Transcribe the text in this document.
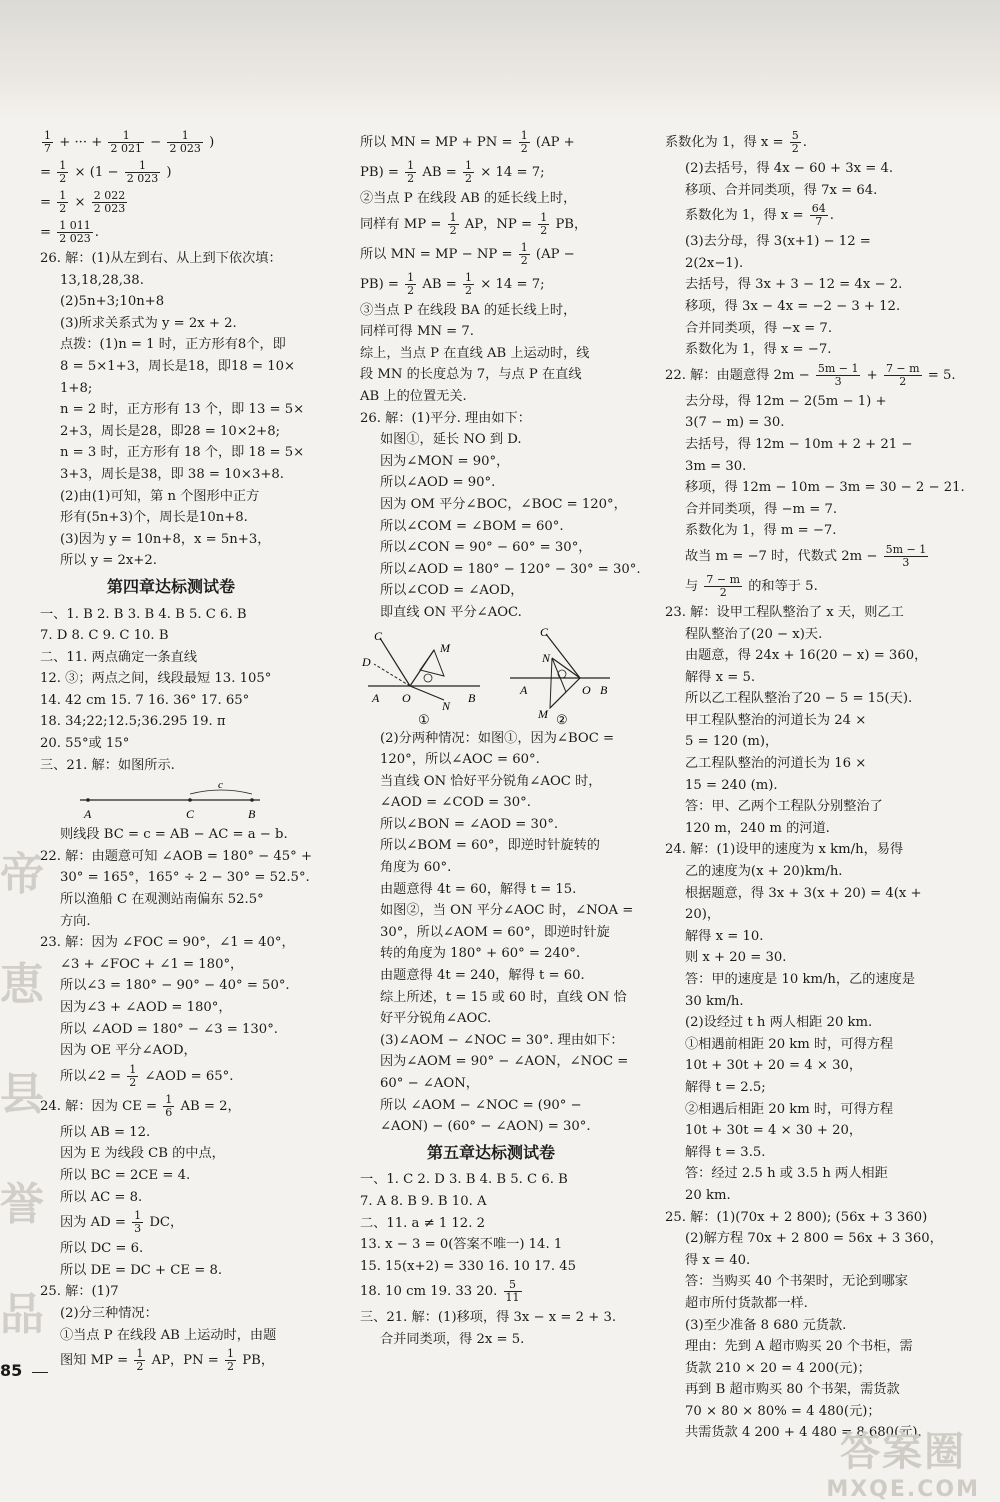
帝
恵
县
誉
品
$\frac{1}{7}$ + ··· + $\frac{1}{2 021} - \frac{1}{2 023}$ )
= $\frac{1}{2} \times (1 - \frac{1}{2 023}$ )
= $\frac{1}{2} \times \frac{2 022}{2 023}$
= $\frac{1 011}{2 023}$ .
26. 解：(1)从左到右、从上到下依次填：
13,18,28,38.
(2)5n+3;10n+8
(3)所求关系式为 y = 2x + 2.
点拨：(1)n = 1 时，正方形有8个，即
8 = 5×1+3，周长是18，即18 = 10×
1+8;
n = 2 时，正方形有 13 个，即 13 = 5×
2+3，周长是28，即28 = 10×2+8;
n = 3 时，正方形有 18 个，即 18 = 5×
3+3，周长是38，即 38 = 10×3+8.
(2)由(1)可知，第 n 个图形中正方
形有(5n+3)个，周长是10n+8.
(3)因为 y = 10n+8，x = 5n+3，
所以 y = 2x+2.
第四章达标测试卷
一、1. B 2. B 3. B 4. B 5. C 6. B
7. D 8. C 9. C 10. B
二、11. 两点确定一条直线
12. ③；两点之间，线段最短 13. 105°
14. 42 cm 15. 7 16. 36° 17. 65°
18. 34;22;12.5;36.295 19. π
20. 55°或 15°
三、21. 解：如图所示.
A	C	B
c
则线段 BC = c = AB − AC = a − b.
22. 解：由题意可知 ∠AOB = 180° − 45° +
30° = 165°，165° ÷ 2 − 30° = 52.5°.
所以渔船 C 在观测站南偏东 52.5°
方向.
23. 解：因为 ∠FOC = 90°，∠1 = 40°，
∠3 + ∠FOC + ∠1 = 180°，
所以∠3 = 180° − 90° − 40° = 50°.
因为∠3 + ∠AOD = 180°，
所以 ∠AOD = 180° − ∠3 = 130°.
因为 OE 平分∠AOD，
所以∠2 = $\frac{1}{2}$ ∠AOD = 65°.
24. 解：因为 CE = $\frac{1}{6}$ AB = 2，
所以 AB = 12.
因为 E 为线段 CB 的中点，
所以 BC = 2CE = 4.
所以 AC = 8.
因为 AD = $\frac{1}{3}$ DC，
所以 DC = 6.
所以 DE = DC + CE = 8.
25. 解：(1)7
(2)分三种情况：
①当点 P 在线段 AB 上运动时，由题
图知 MP = $\frac{1}{2}$ AP，PN = $\frac{1}{2}$ PB，
所以 MN = MP + PN = $\frac{1}{2} (AP$ +
$PB) = \frac{1}{2}$ AB = $\frac{1}{2} \times 14 = 7$;
②当点 P 在线段 AB 的延长线上时，
同样有 MP = $\frac{1}{2}$ AP，NP = $\frac{1}{2}$ PB，
所以 MN = MP − NP = $\frac{1}{2} (AP$ −
$PB) = \frac{1}{2}$ AB = $\frac{1}{2} \times 14 = 7$;
③当点 P 在线段 BA 的延长线上时，
同样可得 MN = 7.
综上，当点 P 在直线 AB 上运动时，线
段 MN 的长度总为 7，与点 P 在直线
AB 上的位置无关.
26. 解：(1)平分. 理由如下：
如图①，延长 NO 到 D.
因为∠MON = 90°，
所以∠AOD = 90°.
因为 OM 平分∠BOC，∠BOC = 120°，
所以∠COM = ∠BOM = 60°.
所以∠CON = 90° − 60° = 30°，
所以∠AOD = 180° − 120° − 30° = 30°.
所以∠COD = ∠AOD，
即直线 ON 平分∠AOC.
C
M
D
A O
N
B
①
C
N
A	O B
M ②
(2)分两种情况：如图①，因为∠BOC =
120°，所以∠AOC = 60°.
当直线 ON 恰好平分锐角∠AOC 时，
∠AOD = ∠COD = 30°.
所以∠BON = ∠AOD = 30°.
所以∠BOM = 60°，即逆时针旋转的
角度为 60°.
由题意得 4t = 60，解得 t = 15.
如图②，当 ON 平分∠AOC 时，∠NOA =
30°，所以∠AOM = 60°，即逆时针旋
转的角度为 180° + 60° = 240°.
由题意得 4t = 240，解得 t = 60.
综上所述，t = 15 或 60 时，直线 ON 恰
好平分锐角∠AOC.
(3)∠AOM − ∠NOC = 30°. 理由如下：
因为∠AOM = 90° − ∠AON，∠NOC =
60° − ∠AON，
所以 ∠AOM − ∠NOC = (90° −
∠AON) − (60° − ∠AON) = 30°.
第五章达标测试卷
一、1. C 2. D 3. B 4. B 5. C 6. B
7. A 8. B 9. B 10. A
二、11. a ≠ 1 12. 2
13. x − 3 = 0(答案不唯一) 14. 1
15. 15(x+2) = 330 16. 10 17. 45
18. 10 cm 19. 33 20. $\frac{5}{11}$
三、21. 解：(1)移项，得 3x − x = 2 + 3.
合并同类项，得 2x = 5.
系数化为 1，得 $x = \frac{5}{2}$ .
(2)去括号，得 4x − 60 + 3x = 4.
移项、合并同类项，得 7x = 64.
系数化为 1，得 $x = \frac{64}{7}$ .
(3)去分母，得 3(x+1) − 12 =
2(2x−1).
去括号，得 3x + 3 − 12 = 4x − 2.
移项，得 3x − 4x = −2 − 3 + 12.
合并同类项，得 −x = 7.
系数化为 1，得 x = −7.
22. 解：由题意得 $2m - \frac{5m - 1}{3} + \frac{7 - m}{2} = 5$.
去分母，得 12m − 2(5m − 1) +
3(7 − m) = 30.
去括号，得 12m − 10m + 2 + 21 −
3m = 30.
移项，得 12m − 10m − 3m = 30 − 2 − 21.
合并同类项，得 −m = 7.
系数化为 1，得 m = −7.
故当 m = −7 时，代数式 $2m - \frac{5m - 1}{3}$
与 $\frac{7 - m}{2}$ 的和等于 5.
23. 解：设甲工程队整治了 x 天，则乙工
程队整治了(20 − x)天.
由题意，得 24x + 16(20 − x) = 360，
解得 x = 5.
所以乙工程队整治了20 − 5 = 15(天).
甲工程队整治的河道长为 24 ×
5 = 120 (m)，
乙工程队整治的河道长为 16 ×
15 = 240 (m).
答：甲、乙两个工程队分别整治了
120 m，240 m 的河道.
24. 解：(1)设甲的速度为 x km/h，易得
乙的速度为(x + 20)km/h.
根据题意，得 3x + 3(x + 20) = 4(x +
20)，
解得 x = 10.
则 x + 20 = 30.
答：甲的速度是 10 km/h，乙的速度是
30 km/h.
(2)设经过 t h 两人相距 20 km.
①相遇前相距 20 km 时，可得方程
10t + 30t + 20 = 4 × 30，
解得 t = 2.5;
②相遇后相距 20 km 时，可得方程
10t + 30t = 4 × 30 + 20，
解得 t = 3.5.
答：经过 2.5 h 或 3.5 h 两人相距
20 km.
25. 解：(1)(70x + 2 800); (56x + 3 360)
(2)解方程 70x + 2 800 = 56x + 3 360，
得 x = 40.
答：当购买 40 个书架时，无论到哪家
超市所付货款都一样.
(3)至少准备 8 680 元货款.
理由：先到 A 超市购买 20 个书柜，需
货款 210 × 20 = 4 200(元)；
再到 B 超市购买 80 个书架，需货款
70 × 80 × 80% = 4 480(元)；
共需货款 4 200 + 4 480 = 8 680(元).
85
答案圈
MXQE.COM
